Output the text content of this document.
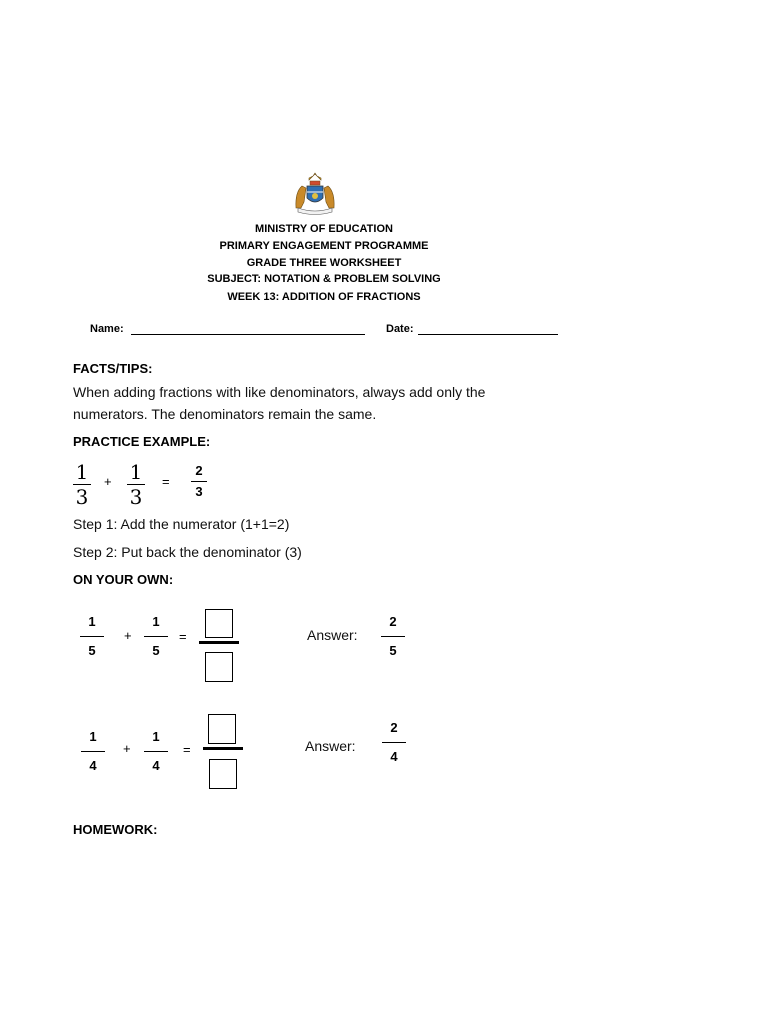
MINISTRY OF EDUCATION
PRIMARY ENGAGEMENT PROGRAMME
GRADE THREE WORKSHEET
SUBJECT: NOTATION & PROBLEM SOLVING
WEEK 13: ADDITION OF FRACTIONS
Name:	Date:
FACTS/TIPS:
When adding fractions with like denominators, always add only the
numerators. The denominators remain the same.
PRACTICE EXAMPLE:
1
3
+ 1
3
=
2
3
Step 1: Add the numerator (1+1=2)
Step 2: Put back the denominator (3)
ON YOUR OWN:
1
5
+
1
5
=	Answer:
2
5
1
4
+
1
4
=	Answer:
2
4
HOMEWORK:
